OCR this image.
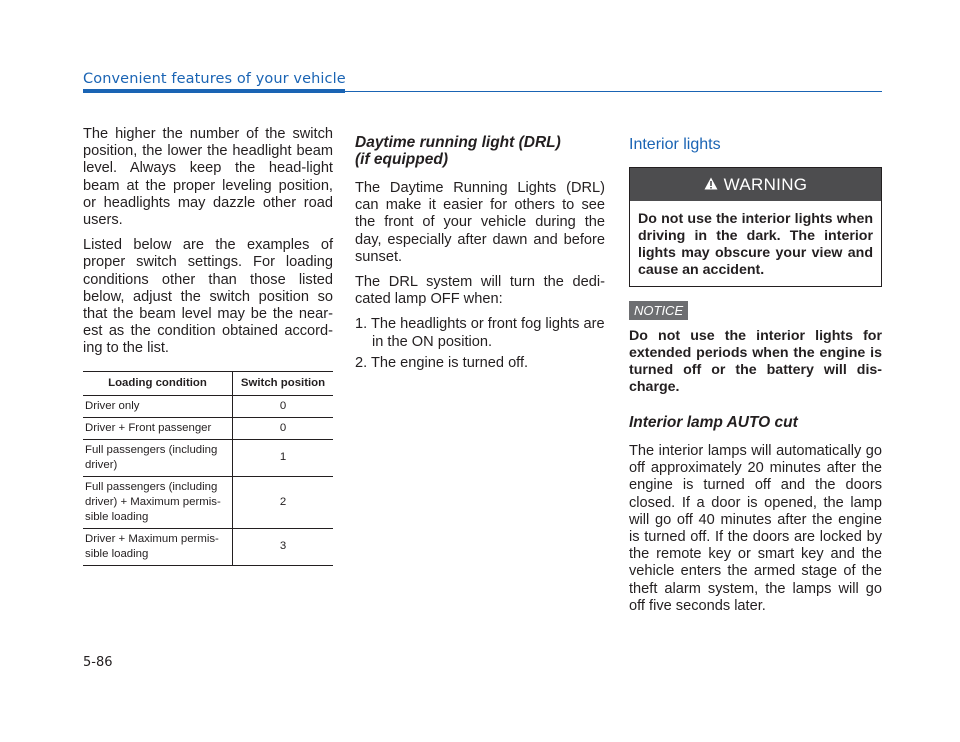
Convenient features of your vehicle

The higher the number of the switch position, the lower the headlight beam level. Always keep the head-light beam at the proper leveling position, or headlights may dazzle other road users.

Listed below are the examples of proper switch settings. For loading conditions other than those listed below, adjust the switch position so that the beam level may be the near-est as the condition obtained accord-ing to the list.

Loading condition	Switch position
Driver only	0
Driver + Front passenger	0
Full passengers (including driver)	1
Full passengers (including driver) + Maximum permis-sible loading	2
Driver + Maximum permis-sible loading	3
Daytime running light (DRL)
(if equipped)

The Daytime Running Lights (DRL) can make it easier for others to see the front of your vehicle during the day, especially after dawn and before sunset.

The DRL system will turn the dedi-cated lamp OFF when:

1. The headlights or front fog lights are in the ON position.
2. The engine is turned off.
Interior lights
WARNING
Do not use the interior lights when driving in the dark. The interior lights may obscure your view and cause an accident.
NOTICE
Do not use the interior lights for extended periods when the engine is turned off or the battery will dis-charge.
Interior lamp AUTO cut

The interior lamps will automatically go off approximately 20 minutes after the engine is turned off and the doors closed. If a door is opened, the lamp will go off 40 minutes after the engine is turned off. If the doors are locked by the remote key or smart key and the vehicle enters the armed stage of the theft alarm system, the lamps will go off five seconds later.

5-86
